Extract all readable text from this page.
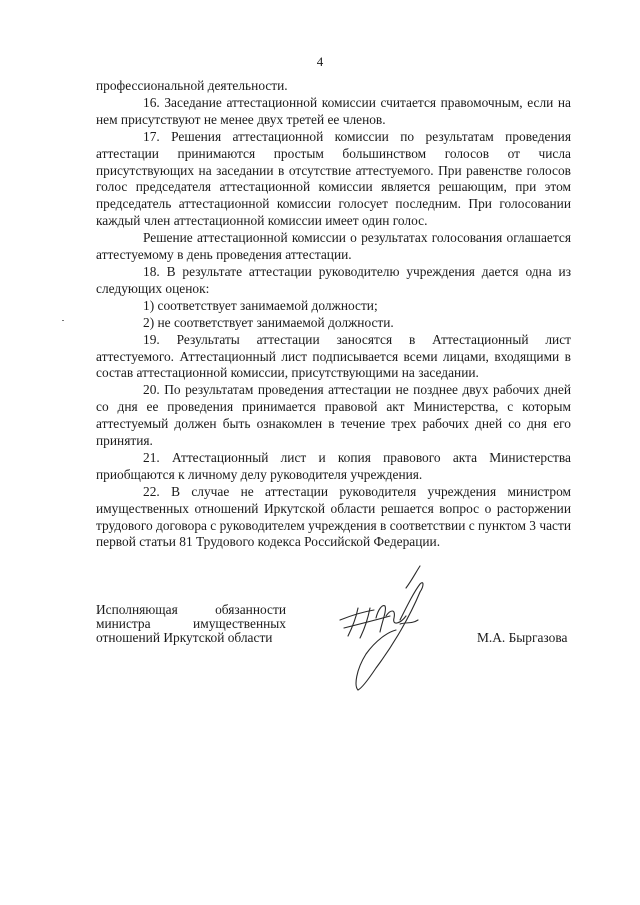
4

профессиональной деятельности.

16. Заседание аттестационной комиссии считается правомочным, если на нем присутствуют не менее двух третей ее членов.

17. Решения аттестационной комиссии по результатам проведения аттестации принимаются простым большинством голосов от числа присутствующих на заседании в отсутствие аттестуемого. При равенстве голосов голос председателя аттестационной комиссии является решающим, при этом председатель аттестационной комиссии голосует последним. При голосовании каждый член аттестационной комиссии имеет один голос.

Решение аттестационной комиссии о результатах голосования оглашается аттестуемому в день проведения аттестации.

18. В результате аттестации руководителю учреждения дается одна из следующих оценок:

1) соответствует занимаемой должности;

2) не соответствует занимаемой должности.

19. Результаты аттестации заносятся в Аттестационный лист аттестуемого. Аттестационный лист подписывается всеми лицами, входящими в состав аттестационной комиссии, присутствующими на заседании.

20. По результатам проведения аттестации не позднее двух рабочих дней со дня ее проведения принимается правовой акт Министерства, с которым аттестуемый должен быть ознакомлен в течение трех рабочих дней со дня его принятия.

21. Аттестационный лист и копия правового акта Министерства приобщаются к личному делу руководителя учреждения.

22. В случае не аттестации руководителя учреждения министром имущественных отношений Иркутской области решается вопрос о расторжении трудового договора с руководителем учреждения в соответствии с пунктом 3 части первой статьи 81 Трудового кодекса Российской Федерации.

Исполняющая обязанности
министра имущественных
отношений Иркутской области	М.А. Быргазова
